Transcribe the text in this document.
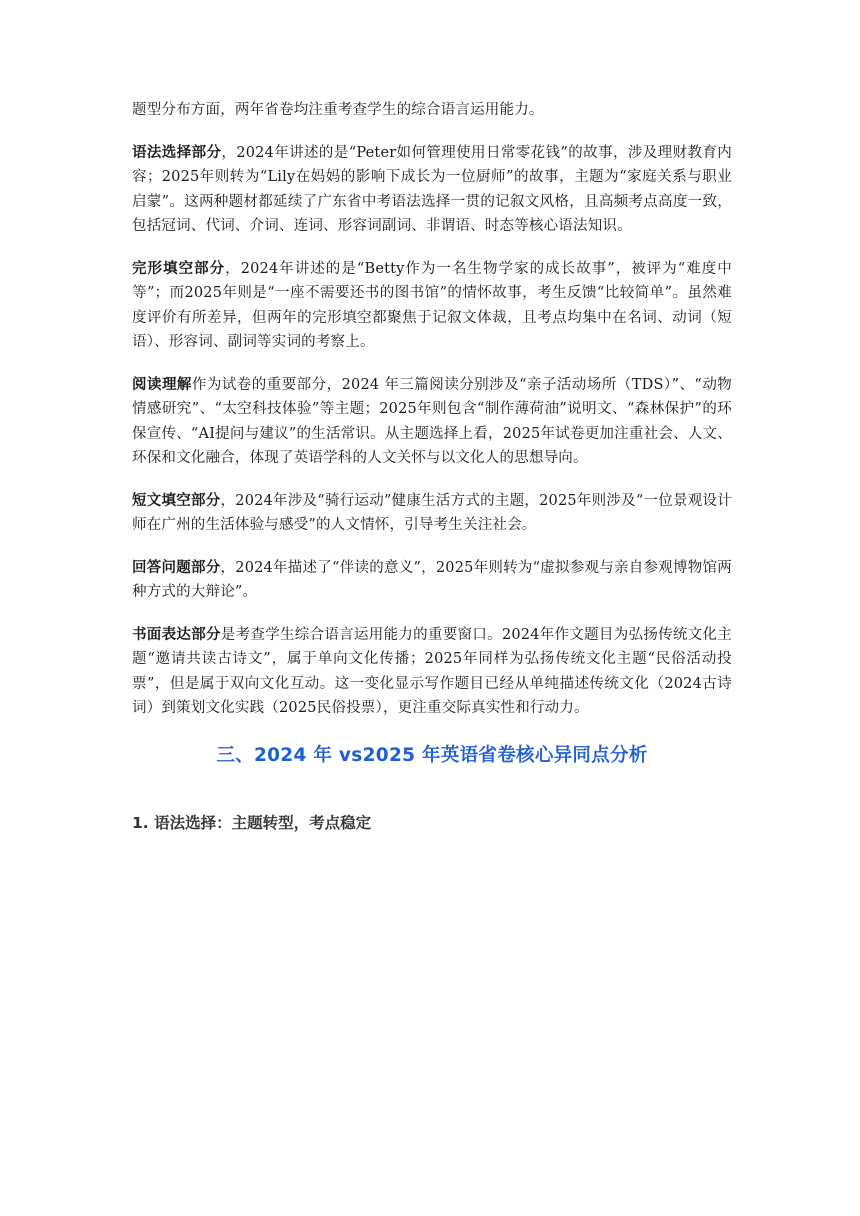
题型分布方面，两年省卷均注重考查学生的综合语言运用能力。

语法选择部分，2024年讲述的是“Peter如何管理使用日常零花钱”的故事，涉及理财教育内容；2025年则转为“Lily在妈妈的影响下成长为一位厨师”的故事，主题为“家庭关系与职业启蒙”。这两种题材都延续了广东省中考语法选择一贯的记叙文风格，且高频考点高度一致，包括冠词、代词、介词、连词、形容词副词、非谓语、时态等核心语法知识。

完形填空部分，2024年讲述的是“Betty作为一名生物学家的成长故事”，被评为“难度中等”；而2025年则是“一座不需要还书的图书馆”的情怀故事，考生反馈“比较简单”。虽然难度评价有所差异，但两年的完形填空都聚焦于记叙文体裁，且考点均集中在名词、动词（短语）、形容词、副词等实词的考察上。

阅读理解作为试卷的重要部分，2024 年三篇阅读分别涉及“亲子活动场所（TDS）”、“动物情感研究”、“太空科技体验”等主题；2025年则包含“制作薄荷油”说明文、“森林保护”的环保宣传、“AI提问与建议”的生活常识。从主题选择上看，2025年试卷更加注重社会、人文、环保和文化融合，体现了英语学科的人文关怀与以文化人的思想导向。

短文填空部分，2024年涉及“骑行运动”健康生活方式的主题，2025年则涉及“一位景观设计师在广州的生活体验与感受”的人文情怀，引导考生关注社会。

回答问题部分，2024年描述了“伴读的意义”，2025年则转为“虚拟参观与亲自参观博物馆两种方式的大辩论”。

书面表达部分是考查学生综合语言运用能力的重要窗口。2024年作文题目为弘扬传统文化主题“邀请共读古诗文”，属于单向文化传播；2025年同样为弘扬传统文化主题“民俗活动投票”，但是属于双向文化互动。这一变化显示写作题目已经从单纯描述传统文化（2024古诗词）到策划文化实践（2025民俗投票），更注重交际真实性和行动力。

三、2024 年 vs2025 年英语省卷核心异同点分析
1. 语法选择：主题转型，考点稳定
